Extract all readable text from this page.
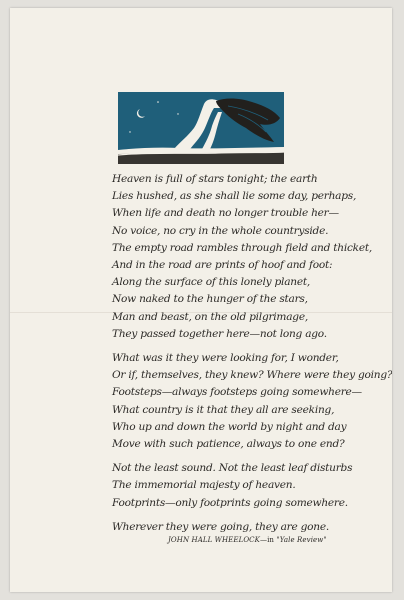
Heaven is full of stars tonight; the earth
Lies hushed, as she shall lie some day, perhaps,
When life and death no longer trouble her—
No voice, no cry in the whole countryside.
The empty road rambles through field and thicket,
And in the road are prints of hoof and foot:
Along the surface of this lonely planet,
Now naked to the hunger of the stars,
Man and beast, on the old pilgrimage,
They passed together here—not long ago.

What was it they were looking for, I wonder,
Or if, themselves, they knew? Where were they going?
Footsteps—always footsteps going somewhere—
What country is it that they all are seeking,
Who up and down the world by night and day
Move with such patience, always to one end?

Not the least sound. Not the least leaf disturbs
The immemorial majesty of heaven.
Footprints—only footprints going somewhere.

Wherever they were going, they are gone.

JOHN HALL WHEELOCK—in "Yale Review"
